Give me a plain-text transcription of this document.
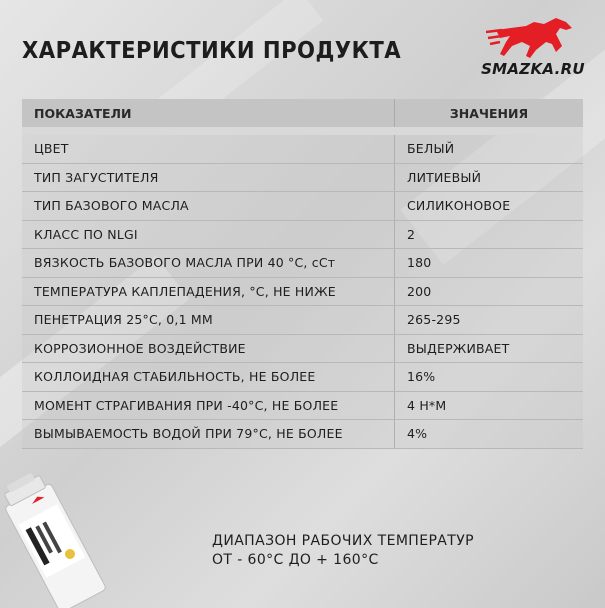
ХАРАКТЕРИСТИКИ ПРОДУКТА
SMAZKA.RU
ПОКАЗАТЕЛИ	ЗНАЧЕНИЯ
ЦВЕТ	БЕЛЫЙ
ТИП ЗАГУСТИТЕЛЯ	ЛИТИЕВЫЙ
ТИП БАЗОВОГО МАСЛА	СИЛИКОНОВОЕ
КЛАСС ПО NLGI	2
ВЯЗКОСТЬ БАЗОВОГО МАСЛА ПРИ 40 °С, сСт	180
ТЕМПЕРАТУРА КАПЛЕПАДЕНИЯ, °С, НЕ НИЖЕ	200
ПЕНЕТРАЦИЯ 25°С, 0,1 ММ	265-295
КОРРОЗИОННОЕ ВОЗДЕЙСТВИЕ	ВЫДЕРЖИВАЕТ
КОЛЛОИДНАЯ СТАБИЛЬНОСТЬ, НЕ БОЛЕЕ	16%
МОМЕНТ СТРАГИВАНИЯ ПРИ -40°С, НЕ БОЛЕЕ	4 Н*М
ВЫМЫВАЕМОСТЬ ВОДОЙ ПРИ 79°С, НЕ БОЛЕЕ	4%
ДИАПАЗОН РАБОЧИХ ТЕМПЕРАТУР
ОТ - 60°С ДО + 160°С
